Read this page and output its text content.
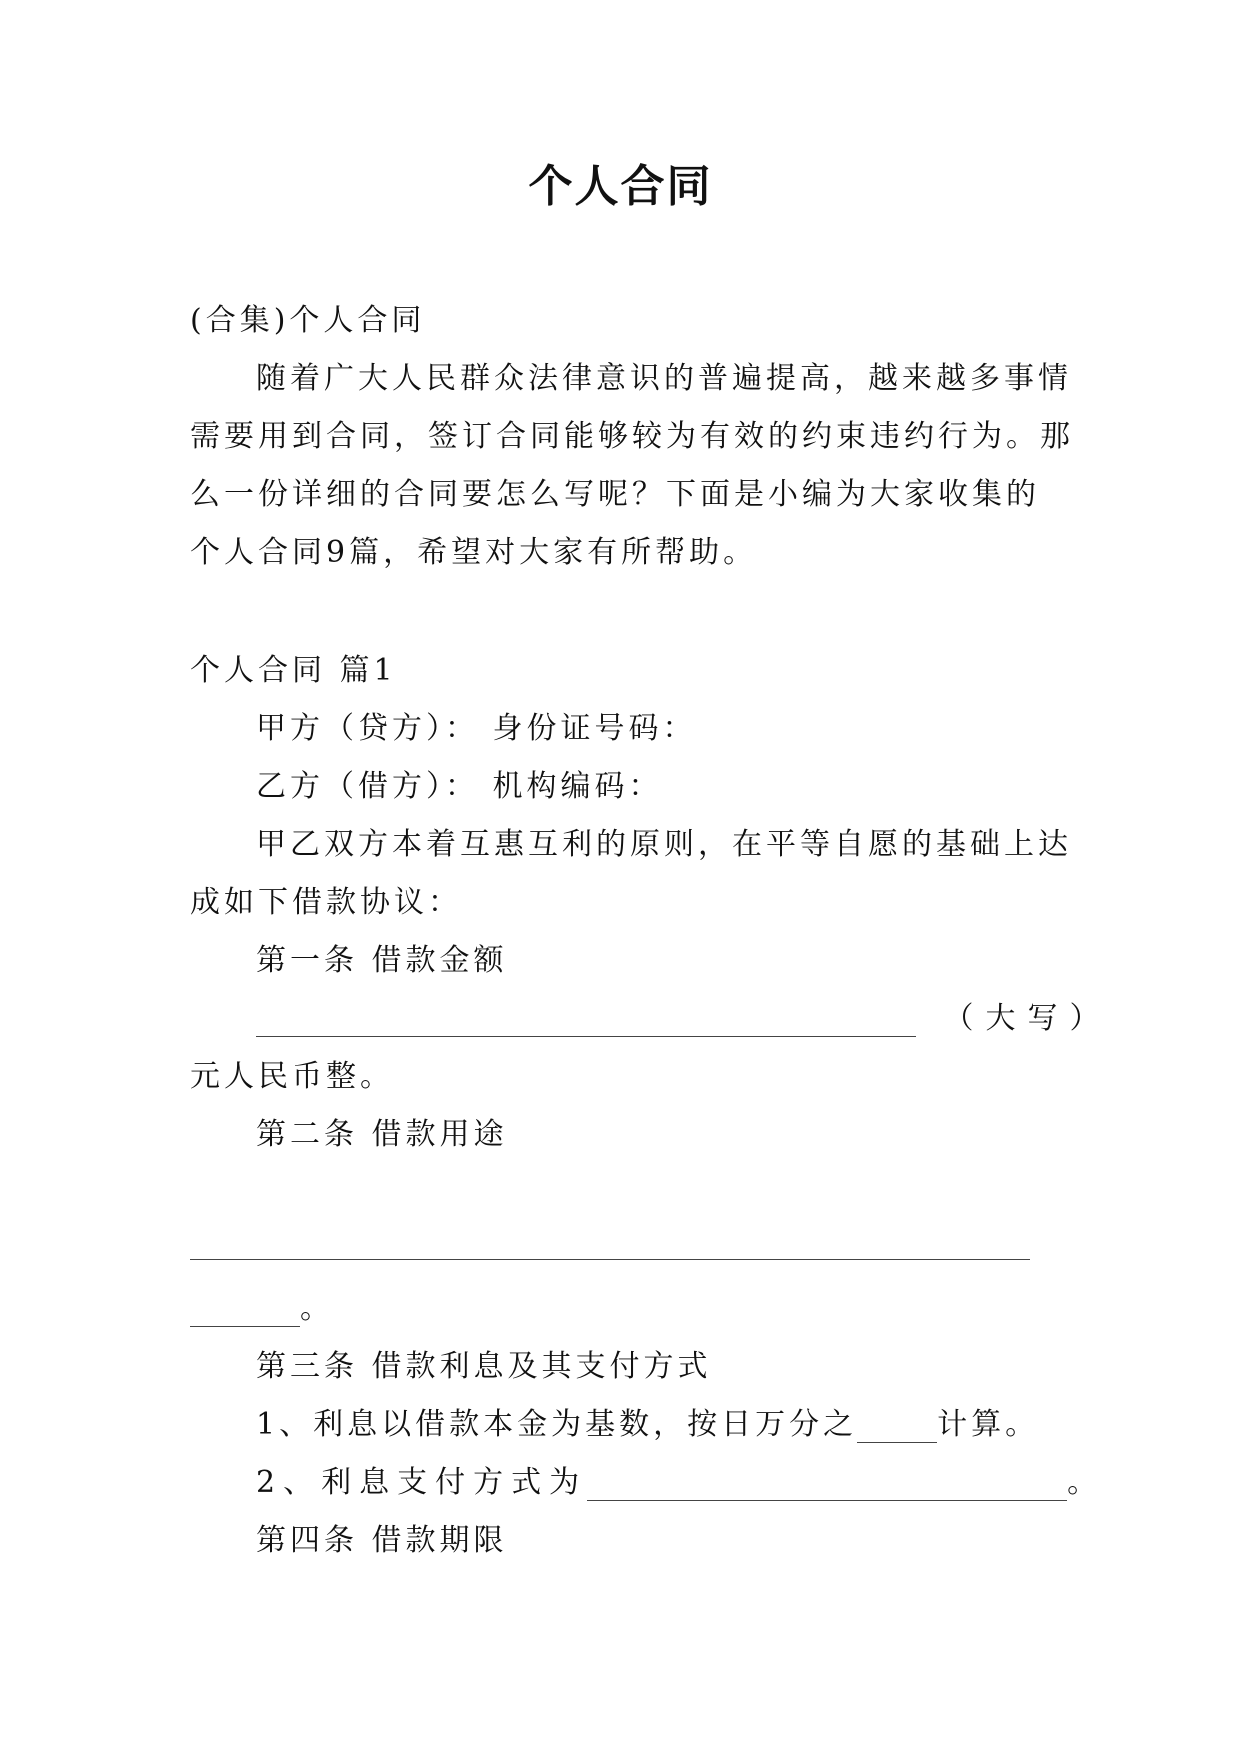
个人合同
(合集)个人合同
随着广大人民群众法律意识的普遍提高，越来越多事情
需要用到合同，签订合同能够较为有效的约束违约行为。那
么一份详细的合同要怎么写呢？下面是小编为大家收集的
个人合同9篇，希望对大家有所帮助。
个人合同 篇1
甲方（贷方）： 身份证号码：
乙方（借方）： 机构编码：
甲乙双方本着互惠互利的原则，在平等自愿的基础上达
成如下借款协议：
第一条 借款金额
（大写）
元人民币整。
第二条 借款用途
。
第三条 借款利息及其支付方式
1、利息以借款本金为基数，按日万分之	计算。
2、利息支付方式为	。
第四条 借款期限
